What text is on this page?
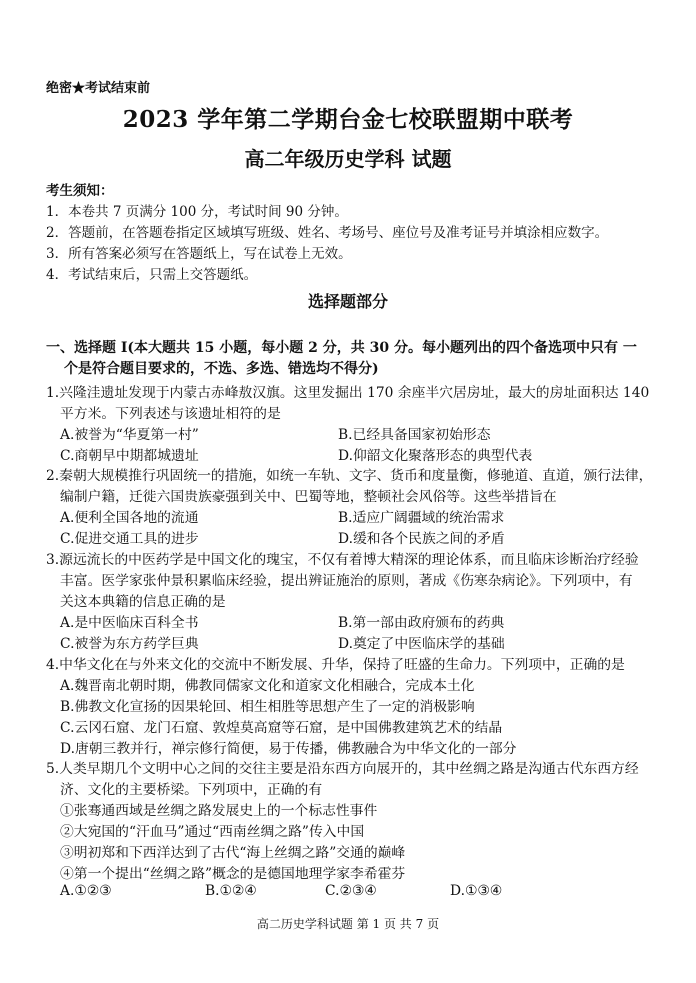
绝密★考试结束前
2023 学年第二学期台金七校联盟期中联考
高二年级历史学科 试题
考生须知：
1．本卷共 7 页满分 100 分，考试时间 90 分钟。
2．答题前，在答题卷指定区域填写班级、姓名、考场号、座位号及准考证号并填涂相应数字。
3．所有答案必须写在答题纸上，写在试卷上无效。
4．考试结束后，只需上交答题纸。
选择题部分
一、选择题 I(本大题共 15 小题，每小题 2 分，共 30 分。每小题列出的四个备选项中只有 一
个是符合题目要求的，不选、多选、错选均不得分)
1.兴隆洼遗址发现于内蒙古赤峰敖汉旗。这里发掘出 170 余座半穴居房址，最大的房址面积达 140
平方米。下列表述与该遗址相符的是
A.被誉为“华夏第一村”	B.已经具备国家初始形态
C.商朝早中期都城遗址	D.仰韶文化聚落形态的典型代表
2.秦朝大规模推行巩固统一的措施，如统一车轨、文字、货币和度量衡，修驰道、直道，颁行法律，
编制户籍，迁徙六国贵族豪强到关中、巴蜀等地，整顿社会风俗等。这些举措旨在
A.便利全国各地的流通	B.适应广阔疆域的统治需求
C.促进交通工具的进步	D.缓和各个民族之间的矛盾
3.源远流长的中医药学是中国文化的瑰宝，不仅有着博大精深的理论体系，而且临床诊断治疗经验
丰富。医学家张仲景积累临床经验，提出辨证施治的原则，著成《伤寒杂病论》。下列项中，有
关这本典籍的信息正确的是
A.是中医临床百科全书	B.第一部由政府颁布的药典
C.被誉为东方药学巨典	D.奠定了中医临床学的基础
4.中华文化在与外来文化的交流中不断发展、升华，保持了旺盛的生命力。下列项中，正确的是
A.魏晋南北朝时期，佛教同儒家文化和道家文化相融合，完成本土化
B.佛教文化宣扬的因果轮回、相生相胜等思想产生了一定的消极影响
C.云冈石窟、龙门石窟、敦煌莫高窟等石窟，是中国佛教建筑艺术的结晶
D.唐朝三教并行，禅宗修行简便，易于传播，佛教融合为中华文化的一部分
5.人类早期几个文明中心之间的交往主要是沿东西方向展开的，其中丝绸之路是沟通古代东西方经
济、文化的主要桥梁。下列项中，正确的有
①张骞通西域是丝绸之路发展史上的一个标志性事件
②大宛国的“汗血马”通过“西南丝绸之路”传入中国
③明初郑和下西洋达到了古代“海上丝绸之路”交通的巅峰
④第一个提出“丝绸之路”概念的是德国地理学家李希霍芬
A.①②③	B.①②④	C.②③④	D.①③④
高二历史学科试题 第 1 页 共 7 页
